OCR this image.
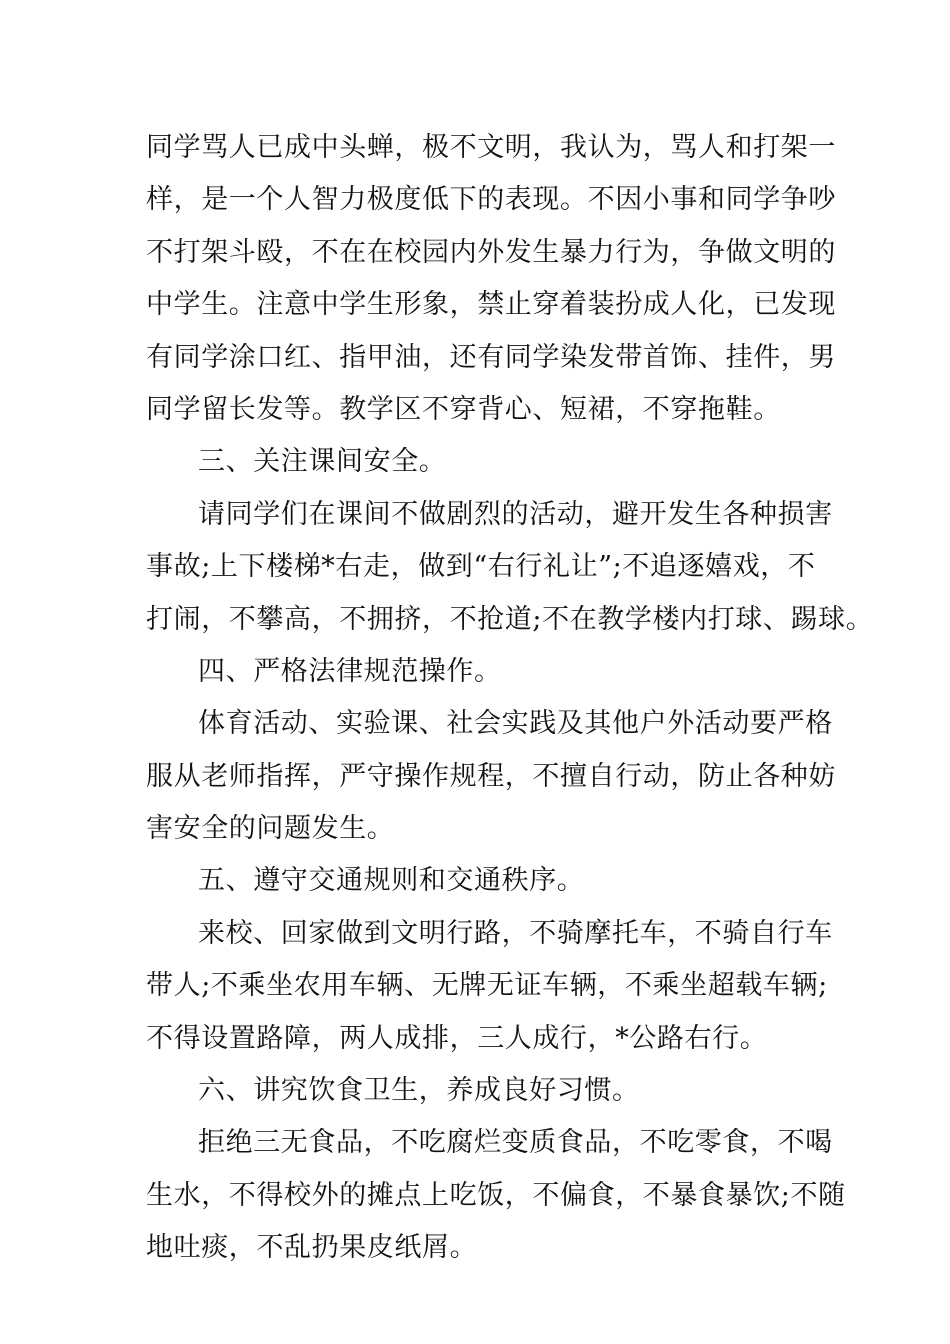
同学骂人已成中头蝉，极不文明，我认为，骂人和打架一
样，是一个人智力极度低下的表现。不因小事和同学争吵
不打架斗殴，不在在校园内外发生暴力行为，争做文明的
中学生。注意中学生形象，禁止穿着装扮成人化，已发现
有同学涂口红、指甲油，还有同学染发带首饰、挂件，男
同学留长发等。教学区不穿背心、短裙，不穿拖鞋。
三、关注课间安全。
请同学们在课间不做剧烈的活动，避开发生各种损害
事故;上下楼梯*右走，做到“右行礼让”;不追逐嬉戏，不
打闹，不攀高，不拥挤，不抢道;不在教学楼内打球、踢球。
四、严格法律规范操作。
体育活动、实验课、社会实践及其他户外活动要严格
服从老师指挥，严守操作规程，不擅自行动，防止各种妨
害安全的问题发生。
五、遵守交通规则和交通秩序。
来校、回家做到文明行路，不骑摩托车，不骑自行车
带人;不乘坐农用车辆、无牌无证车辆，不乘坐超载车辆;
不得设置路障，两人成排，三人成行，*公路右行。
六、讲究饮食卫生，养成良好习惯。
拒绝三无食品，不吃腐烂变质食品，不吃零食，不喝
生水，不得校外的摊点上吃饭，不偏食，不暴食暴饮;不随
地吐痰，不乱扔果皮纸屑。
